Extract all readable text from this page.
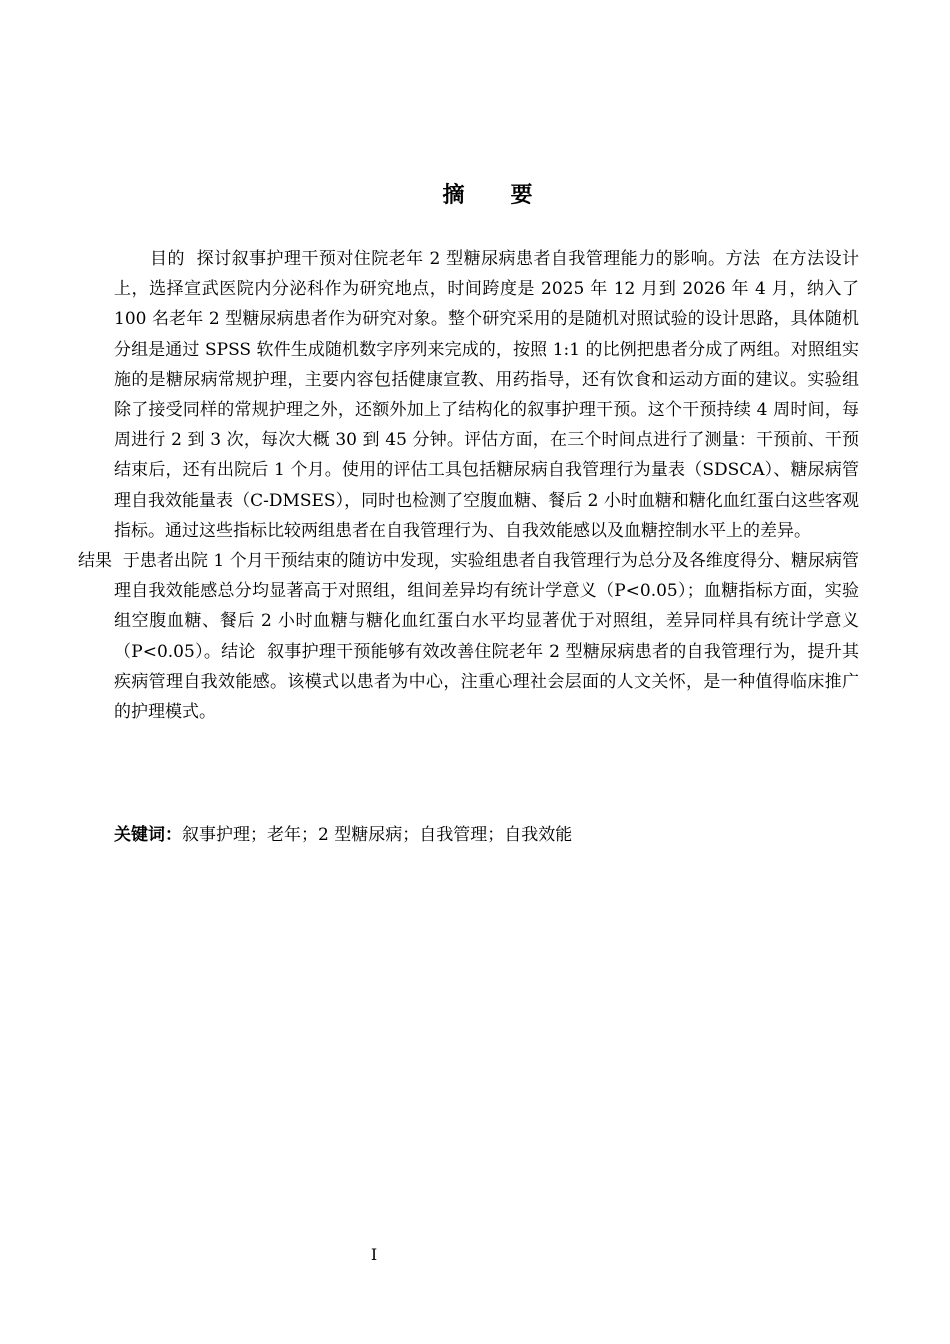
摘 要
目的 探讨叙事护理干预对住院老年 2 型糖尿病患者自我管理能力的影响。方法 在方法设计上，选择宣武医院内分泌科作为研究地点，时间跨度是 2025 年 12 月到 2026 年 4 月，纳入了 100 名老年 2 型糖尿病患者作为研究对象。整个研究采用的是随机对照试验的设计思路，具体随机分组是通过 SPSS 软件生成随机数字序列来完成的，按照 1:1 的比例把患者分成了两组。对照组实施的是糖尿病常规护理，主要内容包括健康宣教、用药指导，还有饮食和运动方面的建议。实验组除了接受同样的常规护理之外，还额外加上了结构化的叙事护理干预。这个干预持续 4 周时间，每周进行 2 到 3 次，每次大概 30 到 45 分钟。评估方面，在三个时间点进行了测量：干预前、干预结束后，还有出院后 1 个月。使用的评估工具包括糖尿病自我管理行为量表（SDSCA）、糖尿病管理自我效能量表（C-DMSES），同时也检测了空腹血糖、餐后 2 小时血糖和糖化血红蛋白这些客观指标。通过这些指标比较两组患者在自我管理行为、自我效能感以及血糖控制水平上的差异。
结果 于患者出院 1 个月干预结束的随访中发现，实验组患者自我管理行为总分及各维度得分、糖尿病管理自我效能感总分均显著高于对照组，组间差异均有统计学意义（P<0.05）；血糖指标方面，实验组空腹血糖、餐后 2 小时血糖与糖化血红蛋白水平均显著优于对照组，差异同样具有统计学意义（P<0.05）。结论 叙事护理干预能够有效改善住院老年 2 型糖尿病患者的自我管理行为，提升其疾病管理自我效能感。该模式以患者为中心，注重心理社会层面的人文关怀，是一种值得临床推广的护理模式。
关键词：叙事护理；老年；2 型糖尿病；自我管理；自我效能
I
